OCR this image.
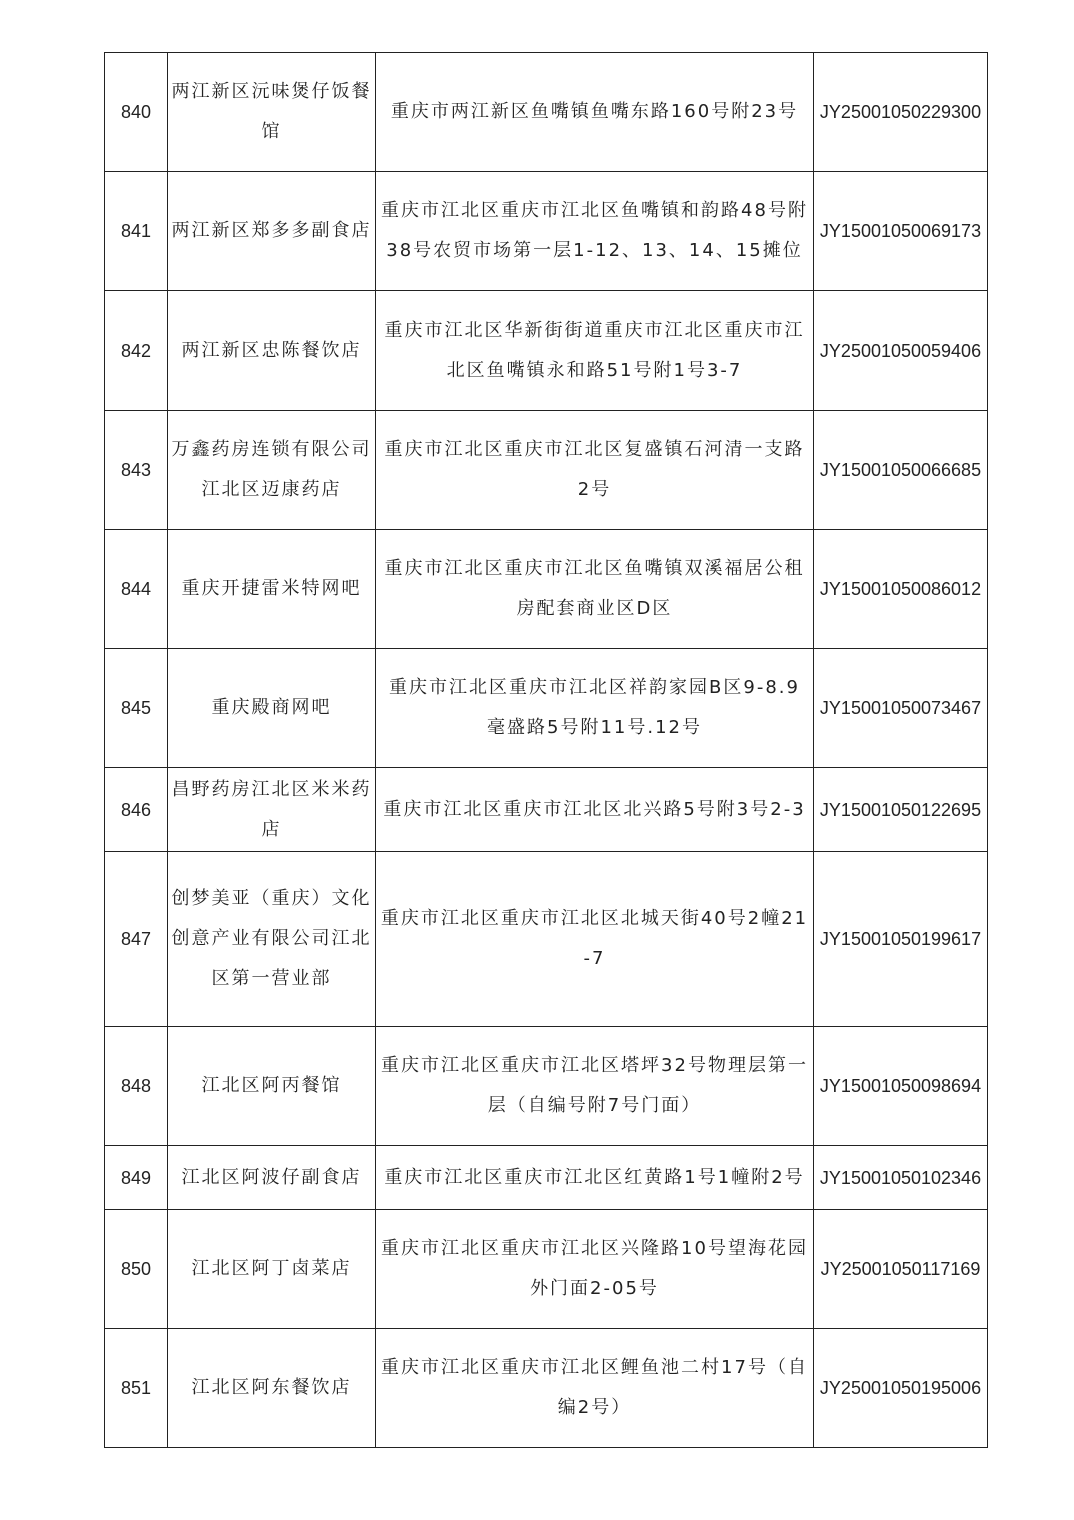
840	两江新区沅味煲仔饭餐馆	重庆市两江新区鱼嘴镇鱼嘴东路160号附23号	JY25001050229300
841	两江新区郑多多副食店	重庆市江北区重庆市江北区鱼嘴镇和韵路48号附38号农贸市场第一层1-12、13、14、15摊位	JY15001050069173
842	两江新区忠陈餐饮店	重庆市江北区华新街街道重庆市江北区重庆市江北区鱼嘴镇永和路51号附1号3-7	JY25001050059406
843	万鑫药房连锁有限公司江北区迈康药店	重庆市江北区重庆市江北区复盛镇石河清一支路2号	JY15001050066685
844	重庆开捷雷米特网吧	重庆市江北区重庆市江北区鱼嘴镇双溪福居公租房配套商业区D区	JY15001050086012
845	重庆殿商网吧	重庆市江北区重庆市江北区祥韵家园B区9-8.9毫盛路5号附11号.12号	JY15001050073467
846	昌野药房江北区米米药店	重庆市江北区重庆市江北区北兴路5号附3号2-3	JY15001050122695
847	创梦美亚（重庆）文化创意产业有限公司江北区第一营业部	重庆市江北区重庆市江北区北城天街40号2幢21-7	JY15001050199617
848	江北区阿丙餐馆	重庆市江北区重庆市江北区塔坪32号物理层第一层（自编号附7号门面）	JY15001050098694
849	江北区阿波仔副食店	重庆市江北区重庆市江北区红黄路1号1幢附2号	JY15001050102346
850	江北区阿丁卤菜店	重庆市江北区重庆市江北区兴隆路10号望海花园外门面2-05号	JY25001050117169
851	江北区阿东餐饮店	重庆市江北区重庆市江北区鲤鱼池二村17号（自编2号）	JY25001050195006
